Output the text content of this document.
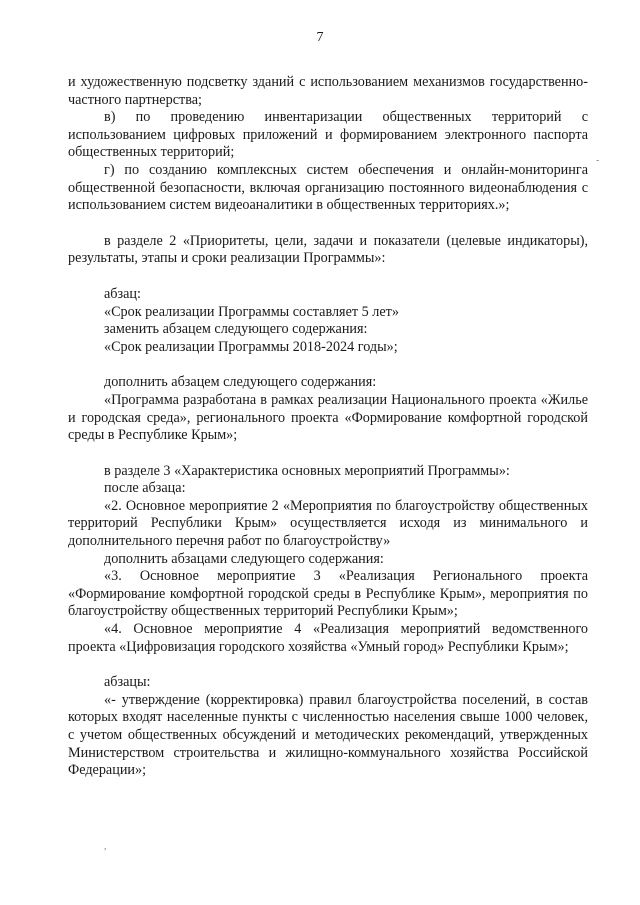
7

и художественную подсветку зданий с использованием механизмов государственно-частного партнерства;

в) по проведению инвентаризации общественных территорий с использованием цифровых приложений и формированием электронного паспорта общественных территорий;

г) по созданию комплексных систем обеспечения и онлайн-мониторинга общественной безопасности, включая организацию постоянного видеонаблюдения с использованием систем видеоаналитики в общественных территориях.»;

в разделе 2 «Приоритеты, цели, задачи и показатели (целевые индикаторы), результаты, этапы и сроки реализации Программы»:

абзац:

«Срок реализации Программы составляет 5 лет»

заменить абзацем следующего содержания:

«Срок реализации Программы 2018-2024 годы»;

дополнить абзацем следующего содержания:

«Программа разработана в рамках реализации Национального проекта «Жилье и городская среда», регионального проекта «Формирование комфортной городской среды в Республике Крым»;

в разделе 3 «Характеристика основных мероприятий Программы»:

после абзаца:

«2. Основное мероприятие 2 «Мероприятия по благоустройству общественных территорий Республики Крым» осуществляется исходя из минимального и дополнительного перечня работ по благоустройству»

дополнить абзацами следующего содержания:

«3. Основное мероприятие 3 «Реализация Регионального проекта «Формирование комфортной городской среды в Республике Крым», мероприятия по благоустройству общественных территорий Республики Крым»;

«4. Основное мероприятие 4 «Реализация мероприятий ведомственного проекта «Цифровизация городского хозяйства «Умный город» Республики Крым»;

абзацы:

«- утверждение (корректировка) правил благоустройства поселений, в состав которых входят населенные пункты с численностью населения свыше 1000 человек, с учетом общественных обсуждений и методических рекомендаций, утвержденных Министерством строительства и жилищно-коммунального хозяйства Российской Федерации»;

-
,
